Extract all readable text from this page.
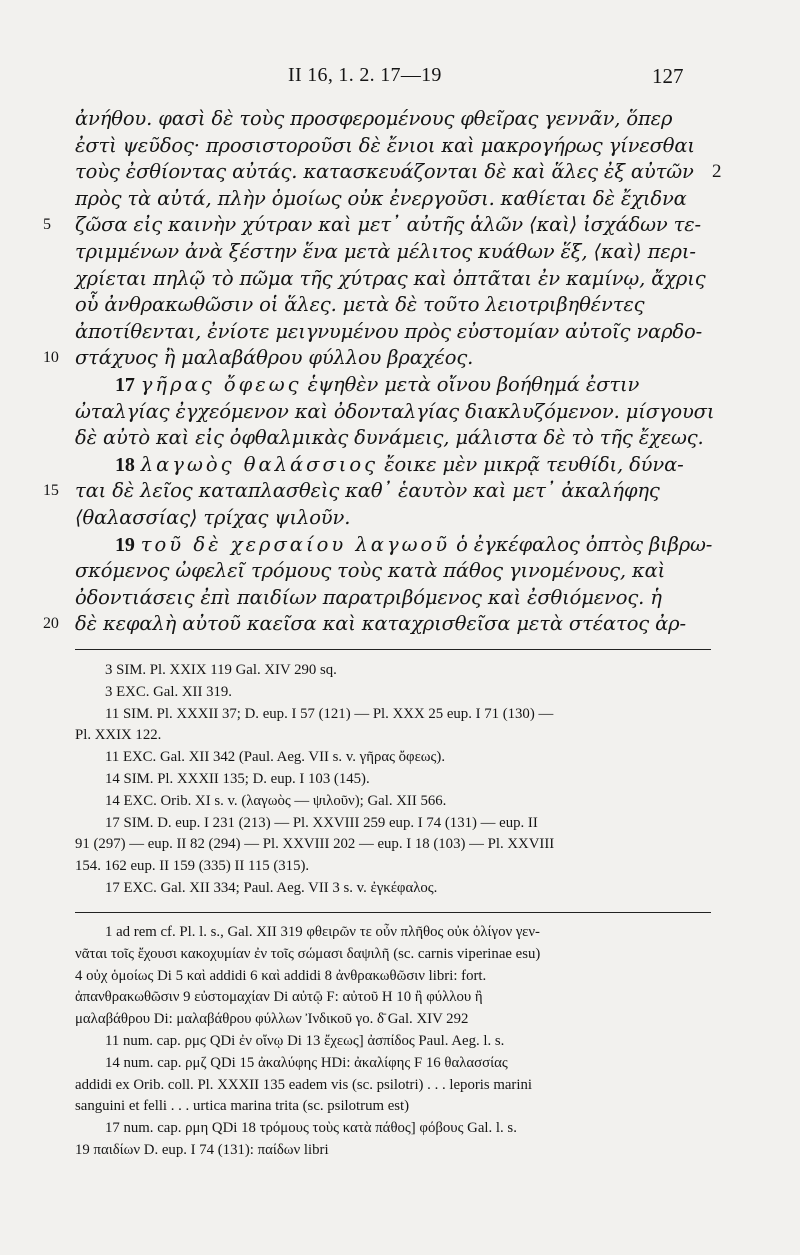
II 16, 1. 2. 17—19	127
ἀνήθου. φασὶ δὲ τοὺς προσφερομένους φθεῖρας γεννᾶν, ὅπερ
ἐστὶ ψεῦδος· προσιστοροῦσι δὲ ἔνιοι καὶ μακρογήρως γίνεσθαι
τοὺς ἐσθίοντας αὐτάς. κατασκευάζονται δὲ καὶ ἅλες ἐξ αὐτῶν 2
πρὸς τὰ αὐτά, πλὴν ὁμοίως οὐκ ἐνεργοῦσι. καθίεται δὲ ἔχιδνα
ζῶσα εἰς καινὴν χύτραν καὶ μετ᾽ αὐτῆς ἁλῶν ⟨καὶ⟩ ἰσχάδων τε-
5
τριμμένων ἀνὰ ξέστην ἕνα μετὰ μέλιτος κυάθων ἕξ, ⟨καὶ⟩ περι-
χρίεται πηλῷ τὸ πῶμα τῆς χύτρας καὶ ὀπτᾶται ἐν καμίνῳ, ἄχρις
οὗ ἀνθρακωθῶσιν οἱ ἅλες. μετὰ δὲ τοῦτο λειοτριβηθέντες
ἀποτίθενται, ἐνίοτε μειγνυμένου πρὸς εὐστομίαν αὐτοῖς ναρδο-
στάχυος ἢ μαλαβάθρου φύλλου βραχέος.
10
17 γῆρας ὄφεως ἑψηθὲν μετὰ οἴνου βοήθημά ἐστιν
ὠταλγίας ἐγχεόμενον καὶ ὀδονταλγίας διακλυζόμενον. μίσγουσι
δὲ αὐτὸ καὶ εἰς ὀφθαλμικὰς δυνάμεις, μάλιστα δὲ τὸ τῆς ἔχεως.
18 λαγωὸς θαλάσσιος ἔοικε μὲν μικρᾷ τευθίδι, δύνα-
ται δὲ λεῖος καταπλασθεὶς καθ᾽ ἑαυτὸν καὶ μετ᾽ ἀκαλήφης
15
⟨θαλασσίας⟩ τρίχας ψιλοῦν.
19 τοῦ δὲ χερσαίου λαγωοῦ ὁ ἐγκέφαλος ὀπτὸς βιβρω-
σκόμενος ὠφελεῖ τρόμους τοὺς κατὰ πάθος γινομένους, καὶ
ὀδοντιάσεις ἐπὶ παιδίων παρατριβόμενος καὶ ἐσθιόμενος. ἡ
δὲ κεφαλὴ αὐτοῦ καεῖσα καὶ καταχρισθεῖσα μετὰ στέατος ἀρ-
20
3 SIM. Pl. XXIX 119 Gal. XIV 290 sq.
3 EXC. Gal. XII 319.
11 SIM. Pl. XXXII 37; D. eup. I 57 (121) — Pl. XXX 25 eup. I 71 (130) —
Pl. XXIX 122.
11 EXC. Gal. XII 342 (Paul. Aeg. VII s. v. γῆρας ὄφεως).
14 SIM. Pl. XXXII 135; D. eup. I 103 (145).
14 EXC. Orib. XI s. v. (λαγωὸς — ψιλοῦν); Gal. XII 566.
17 SIM. D. eup. I 231 (213) — Pl. XXVIII 259 eup. I 74 (131) — eup. II
91 (297) — eup. II 82 (294) — Pl. XXVIII 202 — eup. I 18 (103) — Pl. XXVIII
154. 162 eup. II 159 (335) II 115 (315).
17 EXC. Gal. XII 334; Paul. Aeg. VII 3 s. v. ἐγκέφαλος.
1 ad rem cf. Pl. l. s., Gal. XII 319 φθειρῶν τε οὖν πλῆθος οὐκ ὀλίγον γεν-
νᾶται τοῖς ἔχουσι κακοχυμίαν ἐν τοῖς σώμασι δαψιλῆ (sc. carnis viperinae esu)
4 οὐχ ὁμοίως Di 5 καὶ addidi 6 καὶ addidi 8 ἀνθρακωθῶσιν libri: fort.
ἀπανθρακωθῶσιν 9 εὐστομαχίαν Di αὐτῷ F: αὐτοῦ H 10 ἢ φύλλου ἢ
μαλαβάθρου Di: μαλαβάθρου φύλλων Ἰνδικοῦ γο. δ̄ Gal. XIV 292
11 num. cap. ρμϛ QDi ἐν οἴνῳ Di 13 ἔχεως] ἀσπίδος Paul. Aeg. l. s.
14 num. cap. ρμζ QDi 15 ἀκαλύφης HDi: ἀκαλίφης F 16 θαλασσίας
addidi ex Orib. coll. Pl. XXXII 135 eadem vis (sc. psilotri) . . . leporis marini
sanguini et felli . . . urtica marina trita (sc. psilotrum est)
17 num. cap. ρμη QDi 18 τρόμους τοὺς κατὰ πάθος] φόβους Gal. l. s.
19 παιδίων D. eup. I 74 (131): παίδων libri
